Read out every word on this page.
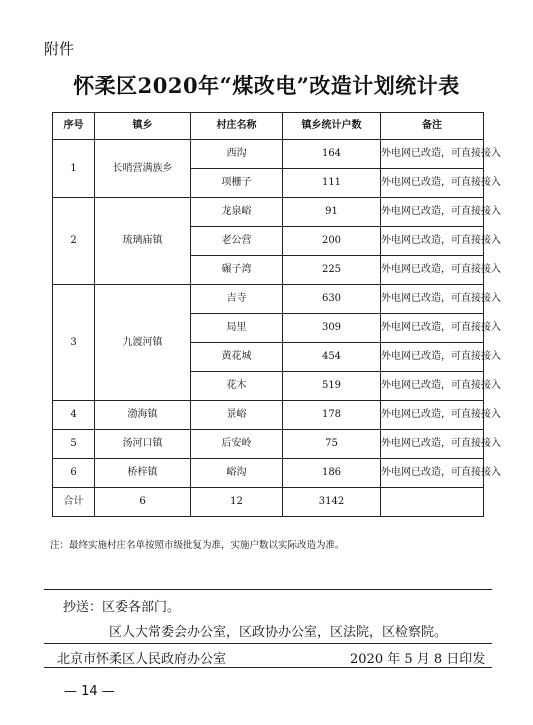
附件
怀柔区2020年“煤改电”改造计划统计表
序号	镇乡	村庄名称	镇乡统计户数	备注
1	长哨营满族乡	西沟	164	外电网已改造，可直接接入
		项栅子	111	外电网已改造，可直接接入
2	琉璃庙镇	龙泉峪	91	外电网已改造，可直接接入
		老公营	200	外电网已改造，可直接接入
		碾子湾	225	外电网已改造，可直接接入
3	九渡河镇	吉寺	630	外电网已改造，可直接接入
		局里	309	外电网已改造，可直接接入
		黄花城	454	外电网已改造，可直接接入
		花木	519	外电网已改造，可直接接入
4	渤海镇	景峪	178	外电网已改造，可直接接入
5	汤河口镇	后安岭	75	外电网已改造，可直接接入
6	桥梓镇	峪沟	186	外电网已改造，可直接接入
合计	6	12	3142	
注：最终实施村庄名单按照市级批复为准，实施户数以实际改造为准。
抄送：区委各部门。
区人大常委会办公室，区政协办公室，区法院，区检察院。
北京市怀柔区人民政府办公室	2020 年 5 月 8 日印发
— 14 —
